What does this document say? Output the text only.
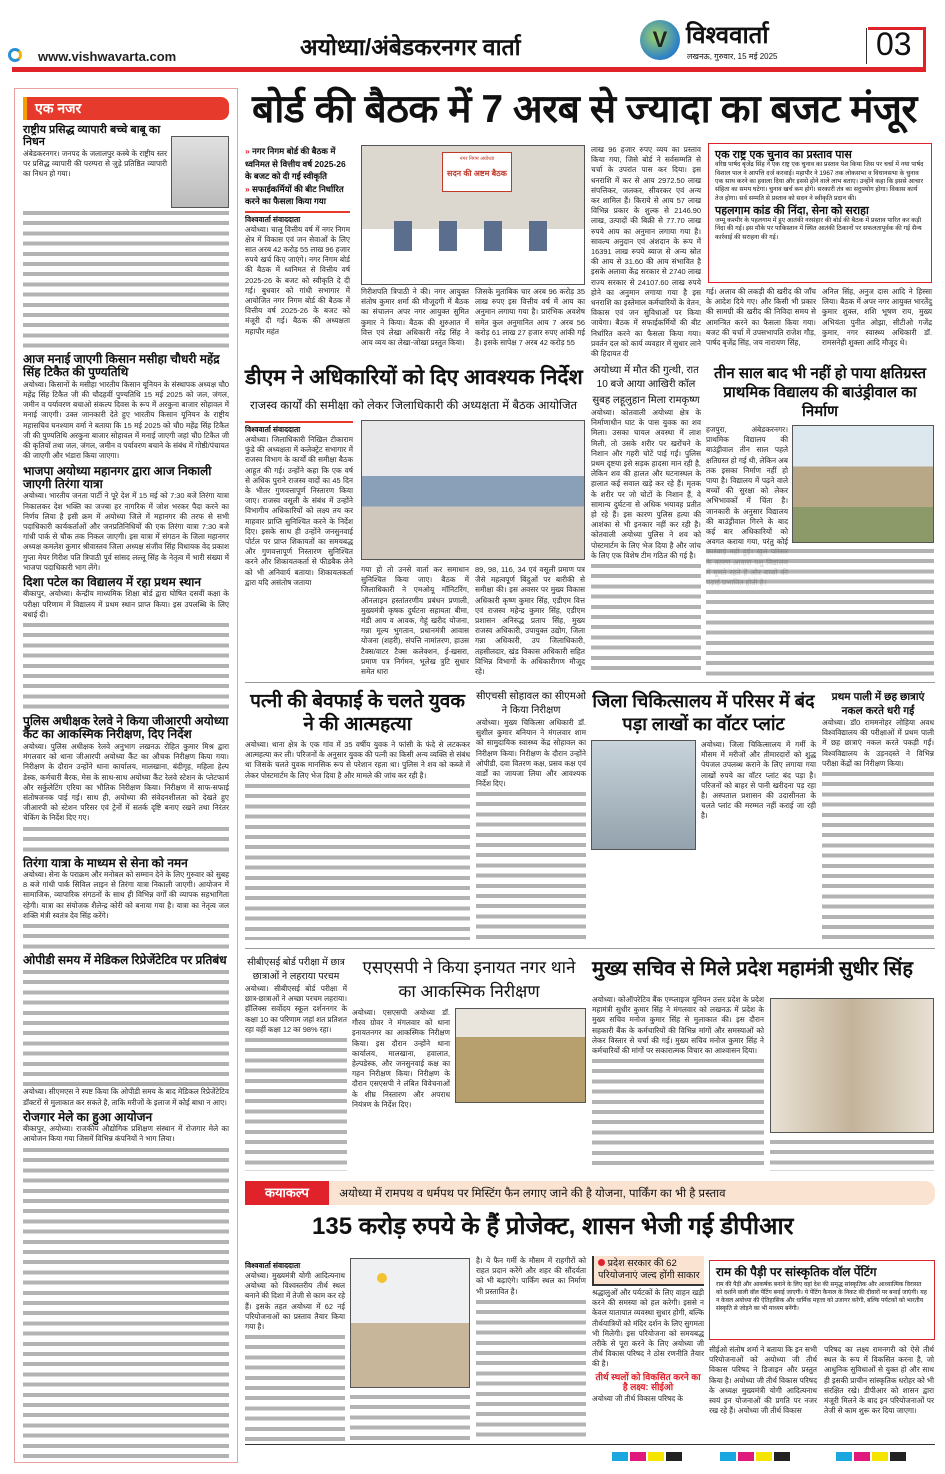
www.vishwavarta.com	अयोध्या/अंबेडकरनगर वार्ता	V विश्ववार्ता
लखनऊ, गुरुवार, 15 मई 2025	03
एक नजर
राष्ट्रीय प्रसिद्ध व्यापारी बच्चे बाबू का निधन
अंबेडकरनगर। जनपद के जलालपुर कस्बे के राष्ट्रीय स्तर पर प्रसिद्ध व्यापारी की परम्परा से जुड़े प्रतिष्ठित व्यापारी का निधन हो गया।
आज मनाई जाएगी किसान मसीहा चौधरी महेंद्र सिंह टिकैत की पुण्यतिथि
अयोध्या। किसानों के मसीहा भारतीय किसान यूनियन के संस्थापक अध्यक्ष चौ0 महेंद्र सिंह टिकैत जी की चौदहवीं पुण्यतिथि 15 मई 2025 को जल, जंगल, जमीन व पर्यावरण बचाओ संकल्प दिवस के रूप में अरकुना बाजार सोहावल में मनाई जाएगी। उक्त जानकारी देते हुए भारतीय किसान यूनियन के राष्ट्रीय महासचिव घनश्याम वर्मा ने बताया कि 15 मई 2025 को चौ0 महेंद्र सिंह टिकैत जी की पुण्यतिथि अरकुना बाजार सोहावल में मनाई जाएगी जहां चौ0 टिकैत जी की कृतियों तथा जल, जंगल, जमीन व पर्यावरण बचाने के संबंध में गोष्ठी/पंचायत की जाएगी और भंडारा किया जाएगा।
भाजपा अयोध्या महानगर द्वारा आज निकाली जाएगी तिरंगा यात्रा
अयोध्या। भारतीय जनता पार्टी ने पूरे देश में 15 मई को 7:30 बजे तिरंगा यात्रा निकालकर देश भक्ति का जज्बा हर नागरिक में जोश भरकर पैदा करने का निर्णय लिया है इसी क्रम में अयोध्या जिले में महानगर की तरफ से सभी पदाधिकारी कार्यकर्ताओं और जनप्रतिनिधियों की एक तिरंगा यात्रा 7:30 बजे गांधी पार्क से चौक तक निकल जाएगी। इस यात्रा में संगठन के जिला महानगर अध्यक्ष कमलेश कुमार श्रीवास्तव जिला अध्यक्ष संजीव सिंह विधायक वेद प्रकाश गुप्ता मेयर गिरीश पति त्रिपाठी पूर्व सांसद लल्लू सिंह के नेतृत्व में भारी संख्या में भाजपा पदाधिकारी भाग लेंगे।
दिशा पटेल का विद्यालय में रहा प्रथम स्थान
बीकापुर, अयोध्या। केन्द्रीय माध्यमिक शिक्षा बोर्ड द्वारा घोषित दसवीं कक्षा के परीक्षा परिणाम में विद्यालय में प्रथम स्थान प्राप्त किया। इस उपलब्धि के लिए बधाई दी।
पुलिस अधीक्षक रेलवे ने किया जीआरपी अयोध्या कैंट का आकस्मिक निरीक्षण, दिए निर्देश
अयोध्या। पुलिस अधीक्षक रेलवे अनुभाग लखनऊ रोहित कुमार मिश्र द्वारा मंगलवार को थाना जीआरपी अयोध्या कैंट का औचक निरीक्षण किया गया। निरीक्षण के दौरान उन्होंने थाना कार्यालय, मालखाना, बंदीगृह, महिला हेल्प डेस्क, कर्मचारी बैरक, मेस के साथ-साथ अयोध्या कैंट रेलवे स्टेशन के प्लेटफार्म और सर्कुलेटिंग एरिया का भौतिक निरीक्षण किया। निरीक्षण में साफ-सफाई संतोषजनक पाई गई। साथ ही, अयोध्या की संवेदनशीलता को देखते हुए जीआरपी को स्टेशन परिसर एवं ट्रेनों में सतर्क दृष्टि बनाए रखने तथा निरंतर चेकिंग के निर्देश दिए गए।
तिरंगा यात्रा के माध्यम से सेना को नमन
अयोध्या। सेना के पराक्रम और मनोबल को सम्मान देने के लिए गुरुवार को सुबह 8 बजे गांधी पार्क सिविल लाइन से तिरंगा यात्रा निकाली जाएगी। आयोजन में सामाजिक, व्यापारिक संगठनों के साथ ही विभिन्न वर्गों की व्यापक सहभागिता रहेगी। यात्रा का संयोजक शैलेन्द्र कोरी को बनाया गया है। यात्रा का नेतृत्व जल शक्ति मंत्री स्वतंत्र देव सिंह करेंगे।
ओपीडी समय में मेडिकल रिप्रेजेंटेटिव पर प्रतिबंध
अयोध्या। सीएमएस ने स्पष्ट किया कि ओपीडी समय के बाद मेडिकल रिप्रेजेंटेटिव डॉक्टरों से मुलाकात कर सकते है, ताकि मरीजों के इलाज में कोई बाधा न आए।
रोजगार मेले का हुआ आयोजन
बीकापुर, अयोध्या। राजकीय औद्योगिक प्रशिक्षण संस्थान में रोजगार मेले का आयोजन किया गया जिसमें विभिन्न कंपनियों ने भाग लिया।
बोर्ड की बैठक में 7 अरब से ज्यादा का बजट मंजूर
» नगर निगम बोर्ड की बैठक में ध्वनिमत से वित्तीय वर्ष 2025-26 के बजट को दी गई स्वीकृति
» सफाईकर्मियों की बीट निर्धारित करने का फैसला किया गया
विश्ववार्ता संवाददाता
अयोध्या। चालू वित्तीय वर्ष में नगर निगम क्षेत्र में विकास एवं जन सेवाओं के लिए सात अरब 42 करोड़ 55 लाख 96 हजार रुपये खर्च किए जाएंगे। नगर निगम बोर्ड की बैठक में ध्वनिमत से वित्तीय वर्ष 2025-26 के बजट को स्वीकृति दे दी गई। बुधवार को गांधी सभागार में आयोजित नगर निगम बोर्ड की बैठक में वित्तीय वर्ष 2025-26 के बजट को मंजूरी दी गई। बैठक की अध्यक्षता महापौर महंत
नगर निगम अयोध्या
सदन की अष्टम बैठक
गिरीशपति त्रिपाठी ने की। नगर आयुक्त संतोष कुमार शर्मा की मौजूदगी में बैठक का संचालन अपर नगर आयुक्त सुमित कुमार ने किया। बैठक की शुरुआत में वित्त एवं लेखा अधिकारी नरेंद्र सिंह ने आय व्यय का लेखा-जोखा प्रस्तुत किया।
जिसके मुताबिक चार अरब 96 करोड़ 35 लाख रुपए इस वित्तीय वर्ष में आय का अनुमान लगाया गया है। प्रारंभिक अवशेष समेत कुल अनुमानित आय 7 अरब 56 करोड़ 61 लाख 27 हजार रुपए आंकी गई है। इसके सापेक्ष 7 अरब 42 करोड़ 55
लाख 96 हजार रुपए व्यय का प्रस्ताव किया गया, जिसे बोर्ड ने सर्वसम्मति से चर्चा के उपरांत पास कर दिया। इस धनराशि में कर से आय 2972.50 लाख संपत्तिकर, जलकर, सीवरकर एवं अन्य कर शामिल हैं। किराये से आय 57 लाख विभिन्न प्रकार के शुल्क से 2146.90 लाख, उत्पादों की बिक्री से 77.70 लाख रुपये आय का अनुमान लगाया गया है। सावल्य अनुदान एवं अंशदान के रूप में 16391 लाख रुपये ब्याज से अन्य स्रोत की आय से 31.60 की आय संभावित है इसके अलावा केंद्र सरकार से 2740 लाख राज्य सरकार से 24107.60 लाख रुपये होने का अनुमान लगाया गया है इस धनराशि का इस्तेमाल कर्मचारियों के वेतन, विकास एवं जन सुविधाओं पर किया जायेगा। बैठक में सफाईकर्मियों की बीट निर्धारित करने का फैसला किया गया। प्रवर्तन दल को कार्य व्यवहार में सुधार लाने की हिदायत दी
एक राष्ट्र एक चुनाव का प्रस्ताव पास
वरिष्ठ पार्षद बृजेंद्र सिंह ने एक राष्ट्र एक चुनाव का प्रस्ताव पेश किया जिस पर चर्चा में नया पार्षद विशाल पाल ने आपत्ति दर्ज करवाई। महापौर ने 1967 तक लोकसभा व विधानसभा के चुनाव एक साथ करने का हवाला दिया और इससे होने वाले लाभ बताए। उन्होंने कहा कि इससे आचार संहिता का समय घटेगा। चुनाव खर्च कम होगे। सरकारी तंत्र का सदुपयोग होगा। विकास कार्य तेज होगा। सर्व सम्मति से प्रस्ताव को सदन ने स्वीकृति प्रदान की।
पहलगाम कांड की निंदा, सेना को सराहा
जम्मू कश्मीर के पहलगाम में हुए आतंकी नरसंहार की बोर्ड की बैठक में प्रस्ताव पारित कर कड़ी निंदा की गई। इस मौके पर पाकिस्तान में स्थित आतंकी ठिकानों पर सफलतापूर्वक की गई सैन्य कार्रवाई की सराहना की गई।
गई। अलाव की लकड़ी की खरीद की जाँच के आदेश दिये गए। और किसी भी प्रकार की सामग्री की खरीद की निविदा समय से आमन्त्रित करने का फैसला किया गया। बजट की चर्चा में उपसभापति राजेश गौड़, पार्षद बृजेंद्र सिंह, जय नारायण सिंह,
अनिल सिंह, अनुज दास आदि ने हिस्सा लिया। बैठक में अपर नगर आयुक्त भारतेंदु कुमार शुक्ल, शशि भूषण राय, मुख्य अभियंता पुनीत ओझा, सीटीओ गजेंद्र कुमार, नगर स्वास्थ्य अधिकारी डॉ. रामसनेही शुक्ला आदि मौजूद थे।
डीएम ने अधिकारियों को दिए आवश्यक निर्देश
राजस्व कार्यों की समीक्षा को लेकर जिलाधिकारी की अध्यक्षता में बैठक आयोजित
विश्ववार्ता संवाददाता
अयोध्या। जिलाधिकारी निखिल टीकाराम फुंडे की अध्यक्षता में कलेक्ट्रेट सभागार में राजस्व विभाग के कार्यों की समीक्षा बैठक आहूत की गई। उन्होंने कहा कि एक वर्ष से अधिक पुराने राजस्व वादों का 45 दिन के भीतर गुणवत्तापूर्ण निस्तारण किया जाए। राजस्व वसूली के संबंध में उन्होंने विभागीय अधिकारियों को लक्ष्य तय कर माहवार प्राप्ति सुनिश्चित करने के निर्देश दिए। इसके साथ ही उन्होंने जनसुनवाई पोर्टल पर प्राप्त शिकायतों का समयबद्ध और गुणवत्तापूर्ण निस्तारण सुनिश्चित करने और शिकायतकर्ता से फीडबैक लेने को भी अनिवार्य बताया। शिकायतकर्ता द्वारा यदि असंतोष जताया
गया हो तो उनसे वार्ता कर समाधान सुनिश्चित किया जाए। बैठक में जिलाधिकारी ने एमओयू मॉनिटरिंग, ऑनलाइन हस्तांतरणीय प्रबंधन प्रणाली, मुख्यमंत्री कृषक दुर्घटना सहायता बीमा, मंडी आय व आवक, गेहूं खरीद योजना, गन्ना मूल्य भुगतान, प्रधानमंत्री आवास योजना (शहरी), संपत्ति नामांतरण, हाउस टैक्स/वाटर टैक्स कलेक्शन, ई-खसरा, प्रमाण पत्र निर्गमन, भूलेख त्रुटि सुधार समेत धारा
89, 98, 116, 34 एवं वसूली प्रमाण पत्र जैसे महत्वपूर्ण बिंदुओं पर बारीकी से समीक्षा की। इस अवसर पर मुख्य विकास अधिकारी कृष्ण कुमार सिंह, एडीएम वित्त एवं राजस्व महेन्द्र कुमार सिंह, एडीएम प्रशासन अनिरुद्ध प्रताप सिंह, मुख्य राजस्व अधिकारी, उपायुक्त उद्योग, जिला गन्ना अधिकारी, उप जिलाधिकारी, तहसीलदार, खंड विकास अधिकारी सहित विभिन्न विभागों के अधिकारीगण मौजूद रहे।
अयोध्या में मौत की गुत्थी, रात 10 बजे आया आखिरी कॉल
सुबह लहूलुहान मिला रामकृष्ण
अयोध्या। कोतवाली अयोध्या क्षेत्र के निर्माणाधीन घाट के पास युवक का शव मिला। उसका घायल अवस्था में लाश मिली, तो उसके शरीर पर खरोंचने के निशान और गहरी चोटें पाई गईं। पुलिस प्रथम दृष्टया इसे सड़क हादसा मान रही है, लेकिन शव की हालत और घटनास्थल के हालात कई सवाल खड़े कर रहे हैं। मृतक के शरीर पर जो चोटों के निशान हैं, वे सामान्य दुर्घटना से अधिक भयावह प्रतीत हो रहे हैं। इस कारण पुलिस हत्या की आशंका से भी इनकार नहीं कर रही है। कोतवाली अयोध्या पुलिस ने शव को पोस्टमार्टम के लिए भेज दिया है और जांच के लिए एक विशेष टीम गठित की गई है।
तीन साल बाद भी नहीं हो पाया क्षतिग्रस्त प्राथमिक विद्यालय की बाउंड्रीवाल का निर्माण
हजपुरा, अंबेडकरनगर। प्राथमिक विद्यालय की बाउंड्रीवाल तीन साल पहले क्षतिग्रस्त हो गई थी, लेकिन अब तक इसका निर्माण नहीं हो पाया है। विद्यालय में पढ़ने वाले बच्चों की सुरक्षा को लेकर अभिभावकों में चिंता है। जानकारी के अनुसार विद्यालय की बाउंड्रीवाल गिरने के बाद कई बार अधिकारियों को अवगत कराया गया, परंतु कोई
पत्नी की बेवफाई के चलते युवक ने की आत्महत्या
अयोध्या। थाना क्षेत्र के एक गांव में 35 वर्षीय युवक ने फांसी के फंदे से लटककर आत्महत्या कर ली। परिजनों के अनुसार युवक की पत्नी का किसी अन्य व्यक्ति से संबंध था जिसके चलते युवक मानसिक रूप से परेशान रहता था। पुलिस ने शव को कब्जे में लेकर पोस्टमार्टम के लिए भेज दिया है और मामले की जांच कर रही है।
सीएचसी सोहावल का सीएमओ ने किया निरीक्षण
अयोध्या। मुख्य चिकित्सा अधिकारी डॉ. सुशील कुमार बनियान ने मंगलवार शाम को सामुदायिक स्वास्थ्य केंद्र सोहावल का निरीक्षण किया। निरीक्षण के दौरान उन्होंने ओपीडी, दवा वितरण कक्ष, प्रसव कक्ष एवं वार्डों का जायजा लिया और आवश्यक निर्देश दिए।
जिला चिकित्सालय में परिसर में बंद पड़ा लाखों का वॉटर प्लांट
अयोध्या। जिला चिकित्सालय में गर्मी के मौसम में मरीजों और तीमारदारों को शुद्ध पेयजल उपलब्ध कराने के लिए लगाया गया लाखों रुपये का वॉटर प्लांट बंद पड़ा है। परिजनों को बाहर से पानी खरीदना पड़ रहा है। अस्पताल प्रशासन की उदासीनता के चलते प्लांट की मरम्मत नहीं कराई जा रही है।
प्रथम पाली में छह छात्राएं नकल करते धरी गईं
अयोध्या। डॉ0 राममनोहर लोहिया अवध विश्वविद्यालय की परीक्षाओं में प्रथम पाली में छह छात्राएं नकल करते पकड़ी गईं। विश्वविद्यालय के उड़नदस्ते ने विभिन्न परीक्षा केंद्रों का निरीक्षण किया।
सीबीएसई बोर्ड परीक्षा में छात्र छात्राओं ने लहराया परचम
अयोध्या। सीबीएसई बोर्ड परीक्षा में छात्र-छात्राओं ने अच्छा परचम लहराया। हॉलिक्स सर्वोदय स्कूल दर्शननगर के कक्षा 10 का परिणाम जहां शत प्रतिशत रहा वहीं कक्षा 12 का 98% रहा।
एसएसपी ने किया इनायत नगर थाने का आकस्मिक निरीक्षण
अयोध्या। एसएसपी अयोध्या डॉ. गौरव ग्रोवर ने मंगलवार को थाना इनायतनगर का आकस्मिक निरीक्षण किया। इस दौरान उन्होंने थाना कार्यालय, मालखाना, हवालात, हेल्पडेस्क, और जनसुनवाई कक्ष का गहन निरीक्षण किया। निरीक्षण के दौरान एसएसपी ने लंबित विवेचनाओं के शीघ्र निस्तारण और अपराध नियंत्रण के निर्देश दिए।
मुख्य सचिव से मिले प्रदेश महामंत्री सुधीर सिंह
अयोध्या। कोऑपरेटिव बैंक एम्प्लाइज यूनियन उत्तर प्रदेश के प्रदेश महामंत्री सुधीर कुमार सिंह ने मंगलवार को लखनऊ में प्रदेश के मुख्य सचिव मनोज कुमार सिंह से मुलाकात की। इस दौरान सहकारी बैंक के कर्मचारियों की विभिन्न मांगों और समस्याओं को लेकर विस्तार से चर्चा की गई। मुख्य सचिव मनोज कुमार सिंह ने कर्मचारियों की मांगों पर सकारात्मक विचार का आश्वासन दिया।
कयाकल्प	अयोध्या में रामपथ व धर्मपथ पर मिस्टिंग फैन लगाए जाने की है योजना, पार्किंग का भी है प्रस्ताव
135 करोड़ रुपये के हैं प्रोजेक्ट, शासन भेजी गई डीपीआर
विश्ववार्ता संवाददाता
अयोध्या। मुख्यमंत्री योगी आदित्यनाथ अयोध्या को विश्वस्तरीय तीर्थ स्थल बनाने की दिशा में तेजी से काम कर रहे हैं। इसके तहत अयोध्या में 62 नई परियोजनाओं का प्रस्ताव तैयार किया गया है।
है। ये फैन गर्मी के मौसम में राहगीरों को राहत प्रदान करेंगे और शहर की सौंदर्यता को भी बढ़ाएंगे। पार्किंग स्थल का निर्माण भी प्रस्तावित है।
प्रदेश सरकार की 62 परियोजनाएं जल्द होंगी साकार
श्रद्धालुओं और पर्यटकों के लिए वाहन खड़ी करने की समस्या को हल करेगी। इससे न केवल यातायात व्यवस्था सुधार होगी, बल्कि तीर्थयात्रियों को मंदिर दर्शन के लिए सुगमता भी मिलेगी। इस परियोजना को समयबद्ध तरीके से पूरा करने के लिए अयोध्या जी तीर्थ विकास परिषद ने ठोस रणनीति तैयार की है।
तीर्थ स्थलों को विकसित करने का है लक्ष्य: सीईओ
अयोध्या जी तीर्थ विकास परिषद के
राम की पैड़ी पर सांस्कृतिक वॉल पेंटिंग
राम की पैड़ी और आकर्षक बनाने के लिए वहां देश की समृद्ध सांस्कृतिक और आध्यात्मिक विरासत को दर्शाने वाली वॉल पेंटिंग बनाई जाएगी। ये पेंटिंग कैनाल के निकट की दीवारों पर बनाई जाएंगी। यह न केवल अयोध्या की ऐतिहासिक और धार्मिक महत्ता को उजागर करेंगी, बल्कि पर्यटकों को भारतीय संस्कृति से जोड़ने का भी माध्यम बनेंगी।
सीईओ संतोष शर्मा ने बताया कि इन सभी परियोजनाओं को अयोध्या जी तीर्थ विकास परिषद ने डिजाइन और प्रस्तुत किया है। अयोध्या जी तीर्थ विकास परिषद के अध्यक्ष मुख्यमंत्री योगी आदित्यनाथ स्वयं इन योजनाओं की प्रगति पर नजर रख रहे हैं। अयोध्या जी तीर्थ विकास
परिषद का लक्ष्य रामनगरी को ऐसे तीर्थ स्थल के रूप में विकसित करना है, जो आधुनिक सुविधाओं से युक्त हो और साथ ही इसकी प्राचीन सांस्कृतिक धरोहर को भी संरक्षित रखे। डीपीआर को शासन द्वारा मंजूरी मिलने के बाद इन परियोजनाओं पर तेजी से काम शुरू कर दिया जाएगा।
